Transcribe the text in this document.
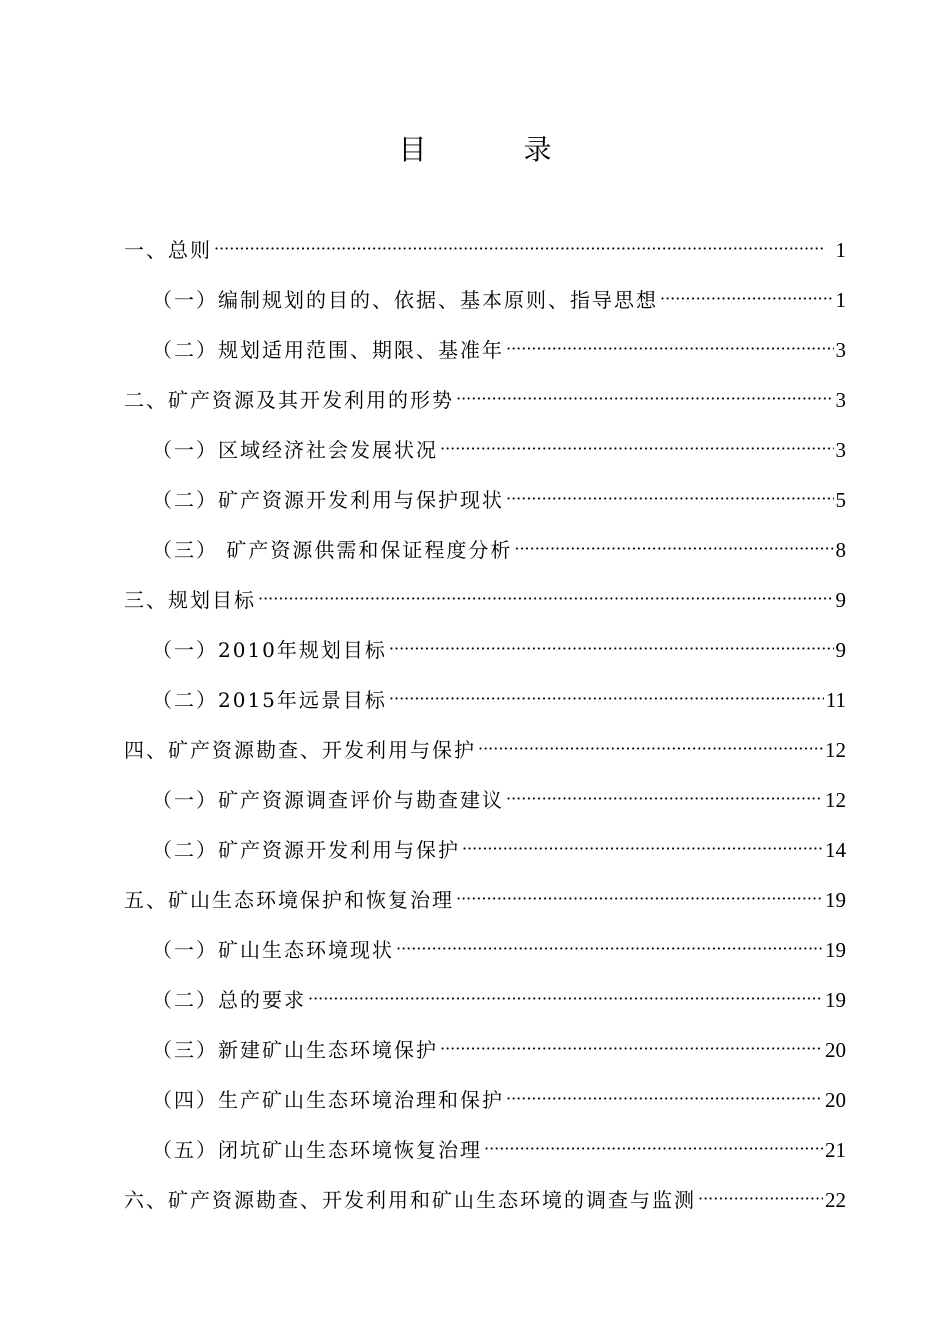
目 录
一、总则 ·····	1
（一）编制规划的目的、依据、基本原则、指导思想 ·····	1
（二）规划适用范围、期限、基准年 ·····	3
二、矿产资源及其开发利用的形势 ·····	3
（一）区域经济社会发展状况 ·····	3
（二）矿产资源开发利用与保护现状 ·····	5
（三） 矿产资源供需和保证程度分析 ·····	8
三、规划目标 ·····	9
（一）2010年规划目标 ·····	9
（二）2015年远景目标 ·····	11
四、矿产资源勘查、开发利用与保护 ·····	12
（一）矿产资源调查评价与勘查建议 ·····	12
（二）矿产资源开发利用与保护 ·····	14
五、矿山生态环境保护和恢复治理 ·····	19
（一）矿山生态环境现状 ·····	19
（二）总的要求 ·····	19
（三）新建矿山生态环境保护 ·····	20
（四）生产矿山生态环境治理和保护 ·····	20
（五）闭坑矿山生态环境恢复治理 ·····	21
六、矿产资源勘查、开发利用和矿山生态环境的调查与监测 ·····	22
